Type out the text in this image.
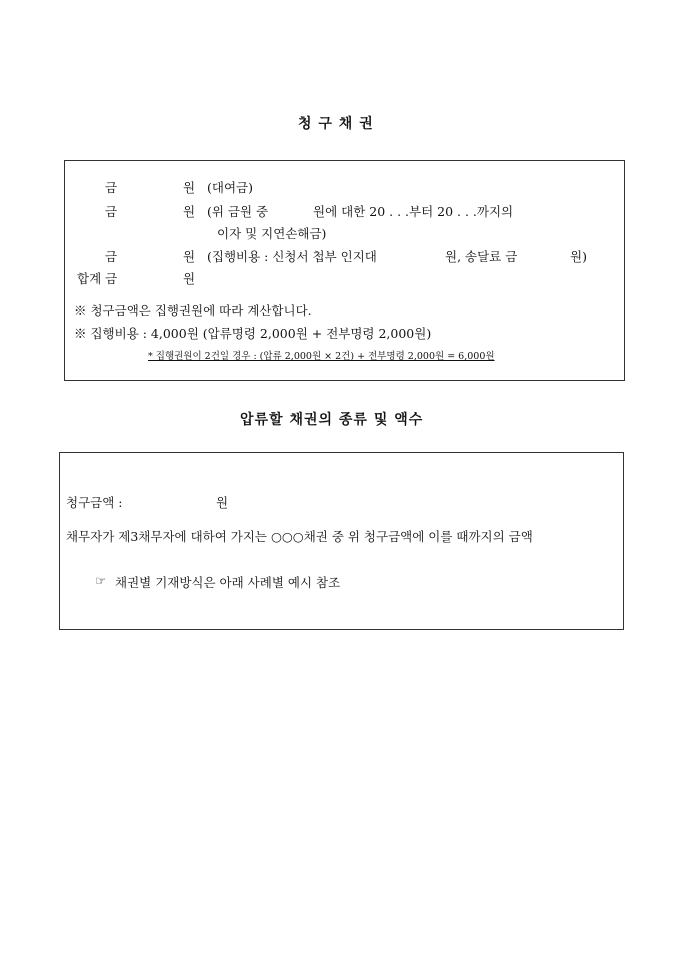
청 구 채 권
금	원 (대여금)
금	원 (위 금원 중	원에 대한 20 . . .부터 20 . . .까지의
이자 및 지연손해금)
금	원 (집행비용 : 신청서 첩부 인지대	원, 송달료 금	원)
합계 금	원
※ 청구금액은 집행권원에 따라 계산합니다.
※ 집행비용 : 4,000원 (압류명령 2,000원 + 전부명령 2,000원)
* 집행권원이 2건일 경우 : (압류 2,000원 × 2건) + 전부명령 2,000원 = 6,000원
압류할 채권의 종류 및 액수
청구금액 :	원
채무자가 제3채무자에 대하여 가지는 ○○○채권 중 위 청구금액에 이를 때까지의 금액
☞ 채권별 기재방식은 아래 사례별 예시 참조
